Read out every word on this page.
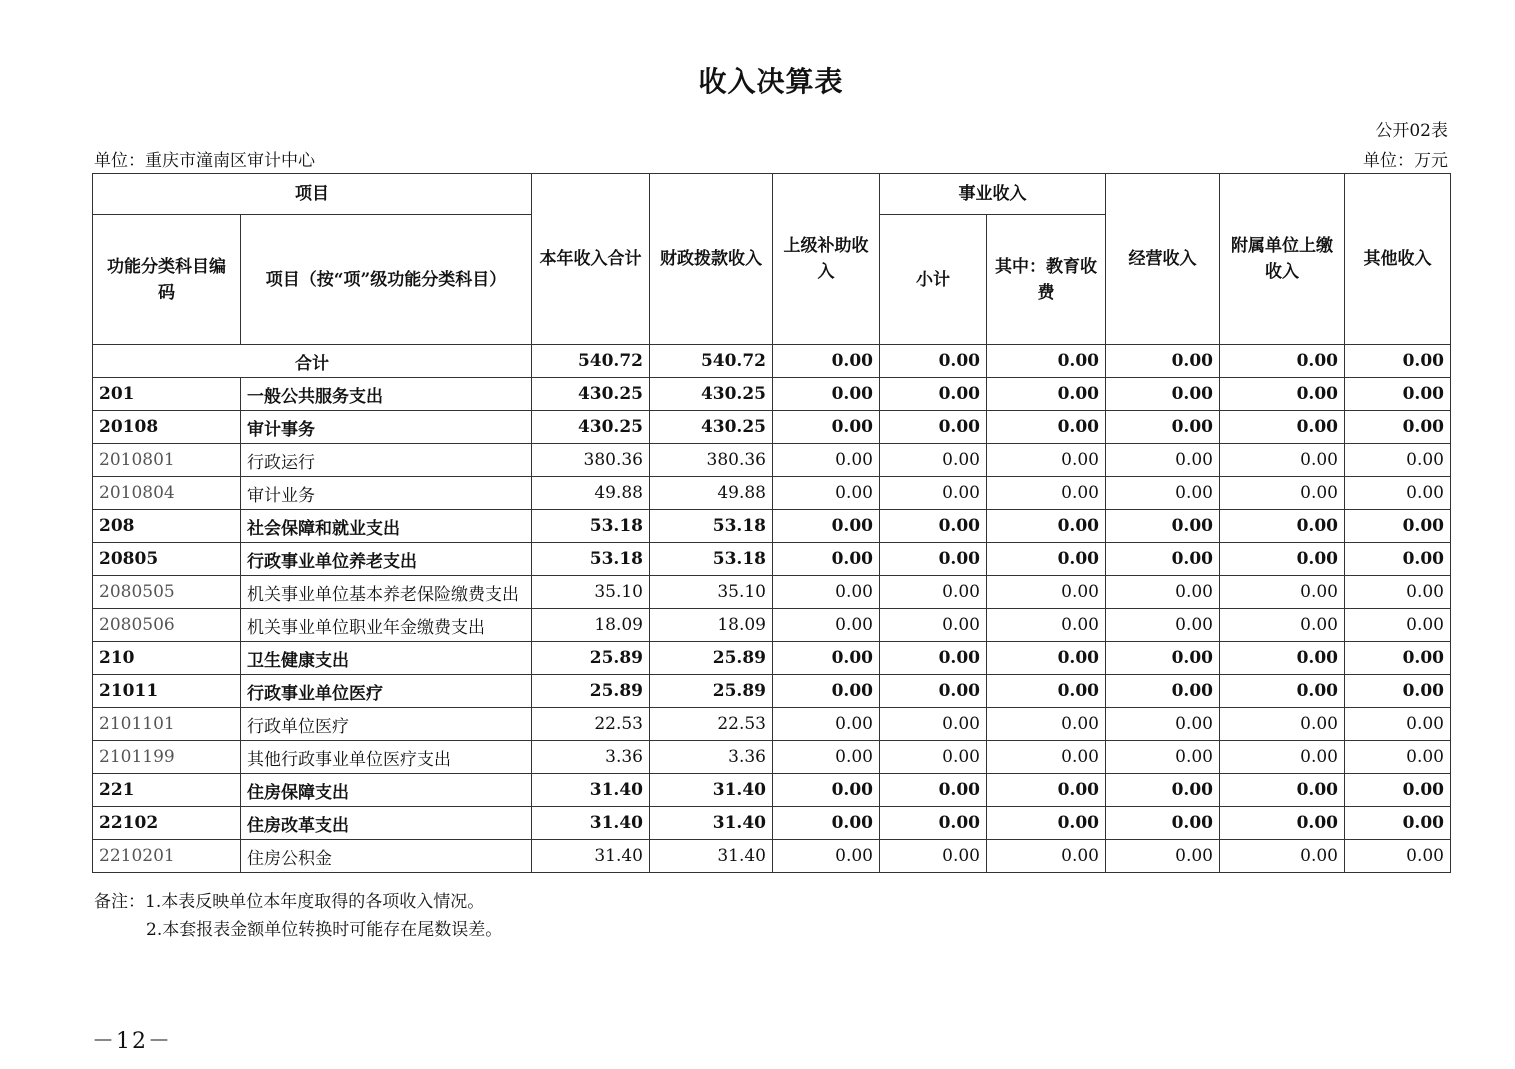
收入决算表
公开02表
单位：重庆市潼南区审计中心	单位：万元
项目		本年收入合计	财政拨款收入	上级补助收入	事业收入		经营收入	附属单位上缴收入	其他收入
功能分类科目编码	项目（按“项”级功能分类科目）				小计	其中：教育收费			
合计		540.72	540.72	0.00	0.00	0.00	0.00	0.00	0.00
201	一般公共服务支出	430.25	430.25	0.00	0.00	0.00	0.00	0.00	0.00
20108	审计事务	430.25	430.25	0.00	0.00	0.00	0.00	0.00	0.00
2010801	行政运行	380.36	380.36	0.00	0.00	0.00	0.00	0.00	0.00
2010804	审计业务	49.88	49.88	0.00	0.00	0.00	0.00	0.00	0.00
208	社会保障和就业支出	53.18	53.18	0.00	0.00	0.00	0.00	0.00	0.00
20805	行政事业单位养老支出	53.18	53.18	0.00	0.00	0.00	0.00	0.00	0.00
2080505	机关事业单位基本养老保险缴费支出	35.10	35.10	0.00	0.00	0.00	0.00	0.00	0.00
2080506	机关事业单位职业年金缴费支出	18.09	18.09	0.00	0.00	0.00	0.00	0.00	0.00
210	卫生健康支出	25.89	25.89	0.00	0.00	0.00	0.00	0.00	0.00
21011	行政事业单位医疗	25.89	25.89	0.00	0.00	0.00	0.00	0.00	0.00
2101101	行政单位医疗	22.53	22.53	0.00	0.00	0.00	0.00	0.00	0.00
2101199	其他行政事业单位医疗支出	3.36	3.36	0.00	0.00	0.00	0.00	0.00	0.00
221	住房保障支出	31.40	31.40	0.00	0.00	0.00	0.00	0.00	0.00
22102	住房改革支出	31.40	31.40	0.00	0.00	0.00	0.00	0.00	0.00
2210201	住房公积金	31.40	31.40	0.00	0.00	0.00	0.00	0.00	0.00
备注：1.本表反映单位本年度取得的各项收入情况。
2.本套报表金额单位转换时可能存在尾数误差。
－12－
